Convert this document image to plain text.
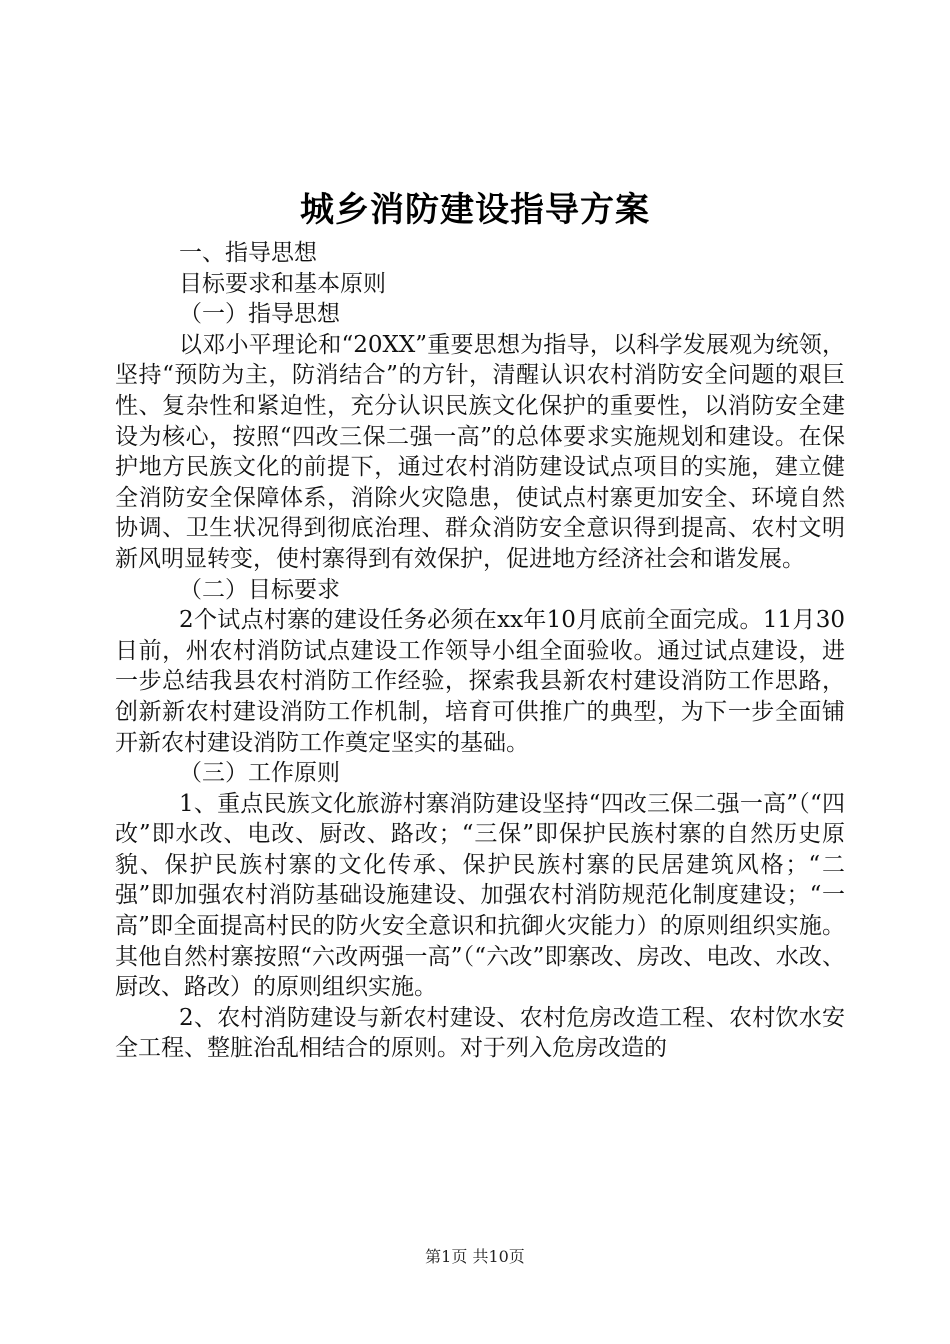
城乡消防建设指导方案

一、指导思想

目标要求和基本原则

（一）指导思想

以邓小平理论和“20XX”重要思想为指导，以科学发展观为统领，坚持“预防为主，防消结合”的方针，清醒认识农村消防安全问题的艰巨性、复杂性和紧迫性，充分认识民族文化保护的重要性，以消防安全建设为核心，按照“四改三保二强一高”的总体要求实施规划和建设。在保护地方民族文化的前提下，通过农村消防建设试点项目的实施，建立健全消防安全保障体系，消除火灾隐患，使试点村寨更加安全、环境自然协调、卫生状况得到彻底治理、群众消防安全意识得到提高、农村文明新风明显转变，使村寨得到有效保护，促进地方经济社会和谐发展。

（二）目标要求

2个试点村寨的建设任务必须在xx年10月底前全面完成。11月30日前，州农村消防试点建设工作领导小组全面验收。通过试点建设，进一步总结我县农村消防工作经验，探索我县新农村建设消防工作思路，创新新农村建设消防工作机制，培育可供推广的典型，为下一步全面铺开新农村建设消防工作奠定坚实的基础。

（三）工作原则

1、重点民族文化旅游村寨消防建设坚持“四改三保二强一高”（“四改”即水改、电改、厨改、路改；“三保”即保护民族村寨的自然历史原貌、保护民族村寨的文化传承、保护民族村寨的民居建筑风格；“二强”即加强农村消防基础设施建设、加强农村消防规范化制度建设；“一高”即全面提高村民的防火安全意识和抗御火灾能力）的原则组织实施。其他自然村寨按照“六改两强一高”（“六改”即寨改、房改、电改、水改、厨改、路改）的原则组织实施。

2、农村消防建设与新农村建设、农村危房改造工程、农村饮水安全工程、整脏治乱相结合的原则。对于列入危房改造的

第1页 共10页
